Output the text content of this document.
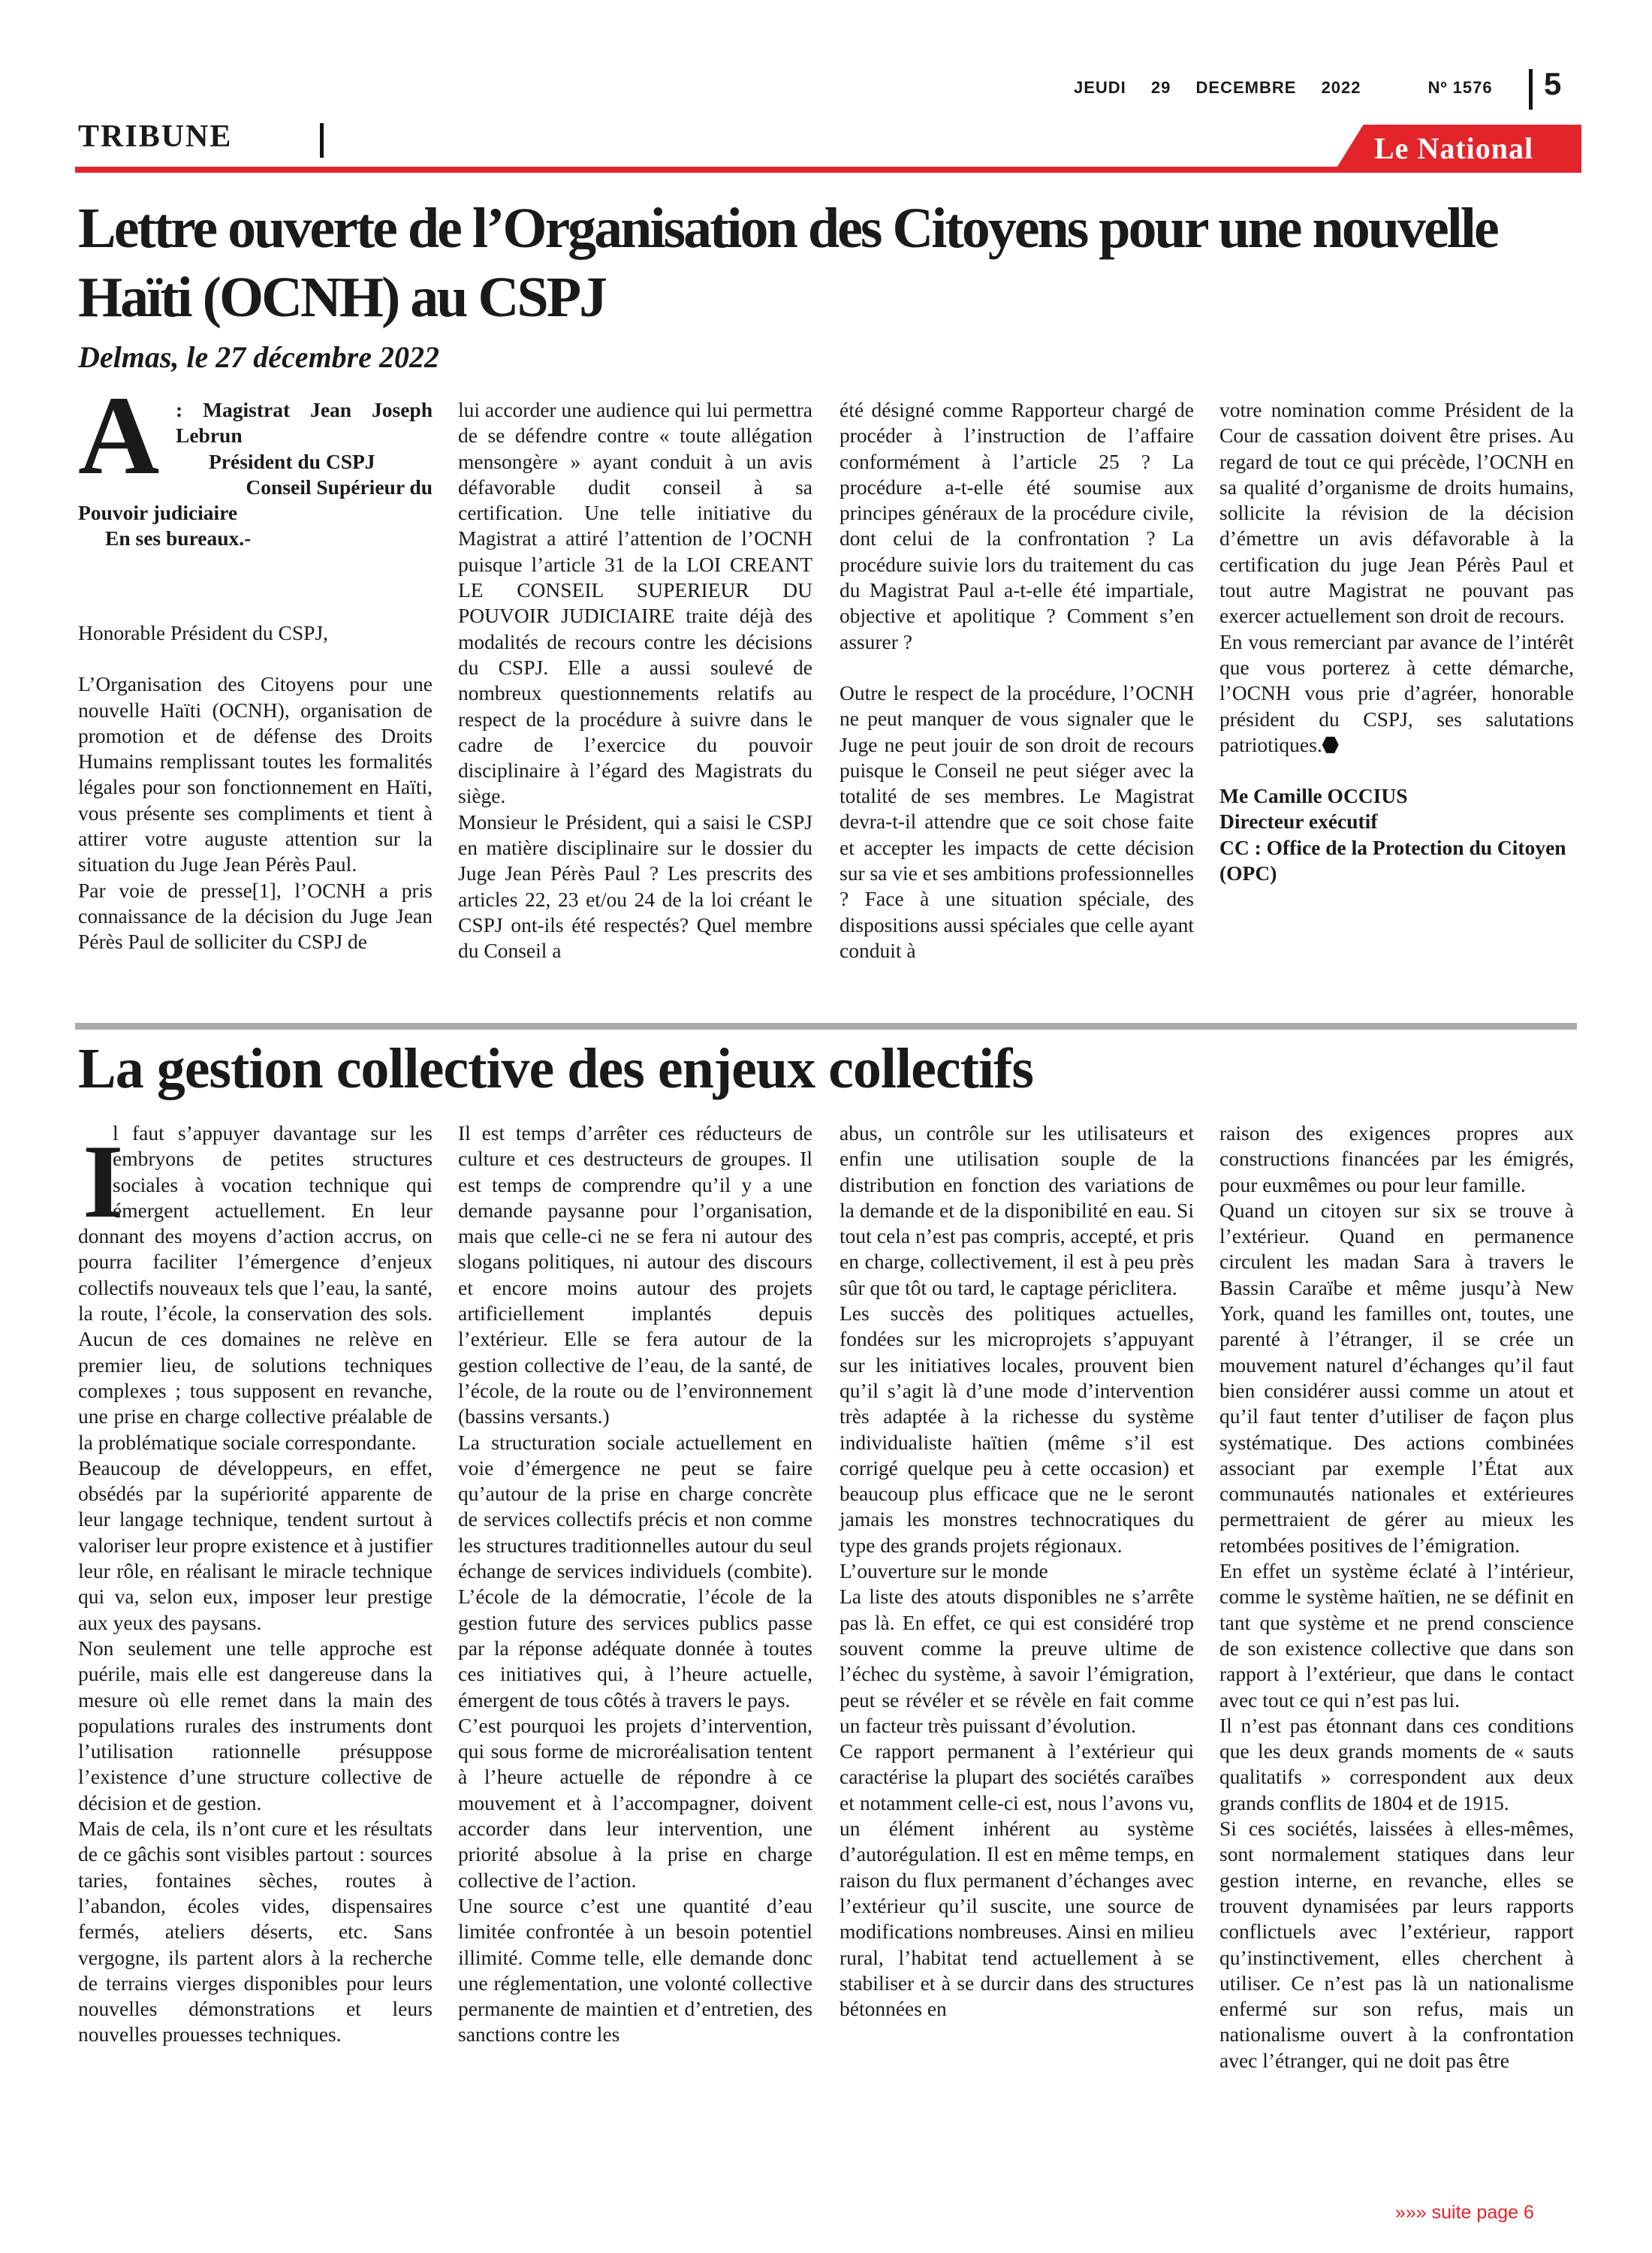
JEUDI 29 DECEMBRE 2022	Nº 1576	5
TRIBUNE	Le National
Lettre ouverte de l’Organisation des Citoyens pour une nouvelle Haïti (OCNH) au CSPJ
Delmas, le 27 décembre 2022
A : Magistrat Jean Joseph
Lebrun
Président du CSPJ
Conseil Supérieur du
Pouvoir judiciaire
En ses bureaux.-

Honorable Président du CSPJ,

L’Organisation des Citoyens pour une nouvelle Haïti (OCNH), organisation de promotion et de défense des Droits Humains remplissant toutes les formalités légales pour son fonctionnement en Haïti, vous présente ses compliments et tient à attirer votre auguste attention sur la situation du Juge Jean Pérès Paul.

Par voie de presse[1], l’OCNH a pris connaissance de la décision du Juge Jean Pérès Paul de solliciter du CSPJ de

lui accorder une audience qui lui permettra de se défendre contre « toute allégation mensongère » ayant conduit à un avis défavorable dudit conseil à sa certification. Une telle initiative du Magistrat a attiré l’attention de l’OCNH puisque l’article 31 de la LOI CREANT LE CONSEIL SUPERIEUR DU POUVOIR JUDICIAIRE traite déjà des modalités de recours contre les décisions du CSPJ. Elle a aussi soulevé de nombreux questionnements relatifs au respect de la procédure à suivre dans le cadre de l’exercice du pouvoir disciplinaire à l’égard des Magistrats du siège.

Monsieur le Président, qui a saisi le CSPJ en matière disciplinaire sur le dossier du Juge Jean Pérès Paul ? Les prescrits des articles 22, 23 et/ou 24 de la loi créant le CSPJ ont-ils été respectés? Quel membre du Conseil a

été désigné comme Rapporteur chargé de procéder à l’instruction de l’affaire conformément à l’article 25 ? La procédure a-t-elle été soumise aux principes généraux de la procédure civile, dont celui de la confrontation ? La procédure suivie lors du traitement du cas du Magistrat Paul a-t-elle été impartiale, objective et apolitique ? Comment s’en assurer ?

Outre le respect de la procédure, l’OCNH ne peut manquer de vous signaler que le Juge ne peut jouir de son droit de recours puisque le Conseil ne peut siéger avec la totalité de ses membres. Le Magistrat devra-t-il attendre que ce soit chose faite et accepter les impacts de cette décision sur sa vie et ses ambitions professionnelles ? Face à une situation spéciale, des dispositions aussi spéciales que celle ayant conduit à

votre nomination comme Président de la Cour de cassation doivent être prises. Au regard de tout ce qui précède, l’OCNH en sa qualité d’organisme de droits humains, sollicite la révision de la décision d’émettre un avis défavorable à la certification du juge Jean Pérès Paul et tout autre Magistrat ne pouvant pas exercer actuellement son droit de recours.

En vous remerciant par avance de l’intérêt que vous porterez à cette démarche, l’OCNH vous prie d’agréer, honorable président du CSPJ, ses salutations patriotiques.

Me Camille OCCIUS

Directeur exécutif

CC : Office de la Protection du Citoyen (OPC)

La gestion collective des enjeux collectifs
I

l faut s’appuyer davantage sur les embryons de petites structures sociales à vocation technique qui émergent actuellement. En leur donnant des moyens d’action accrus, on pourra faciliter l’émergence d’enjeux collectifs nouveaux tels que l’eau, la santé, la route, l’école, la conservation des sols. Aucun de ces domaines ne relève en premier lieu, de solutions techniques complexes ; tous supposent en revanche, une prise en charge collective préalable de la problématique sociale correspondante.

Beaucoup de développeurs, en effet, obsédés par la supériorité apparente de leur langage technique, tendent surtout à valoriser leur propre existence et à justifier leur rôle, en réalisant le miracle technique qui va, selon eux, imposer leur prestige aux yeux des paysans.

Non seulement une telle approche est puérile, mais elle est dangereuse dans la mesure où elle remet dans la main des populations rurales des instruments dont l’utilisation rationnelle présuppose l’existence d’une structure collective de décision et de gestion.

Mais de cela, ils n’ont cure et les résultats de ce gâchis sont visibles partout : sources taries, fontaines sèches, routes à l’abandon, écoles vides, dispensaires fermés, ateliers déserts, etc. Sans vergogne, ils partent alors à la recherche de terrains vierges disponibles pour leurs nouvelles démonstrations et leurs nouvelles prouesses techniques.

Il est temps d’arrêter ces réducteurs de culture et ces destructeurs de groupes. Il est temps de comprendre qu’il y a une demande paysanne pour l’organisation, mais que celle-ci ne se fera ni autour des slogans politiques, ni autour des discours et encore moins autour des projets artificiellement implantés depuis l’extérieur. Elle se fera autour de la gestion collective de l’eau, de la santé, de l’école, de la route ou de l’environnement (bassins versants.)

La structuration sociale actuellement en voie d’émergence ne peut se faire qu’autour de la prise en charge concrète de services collectifs précis et non comme les structures traditionnelles autour du seul échange de services individuels (combite). L’école de la démocratie, l’école de la gestion future des services publics passe par la réponse adéquate donnée à toutes ces initiatives qui, à l’heure actuelle, émergent de tous côtés à travers le pays.

C’est pourquoi les projets d’intervention, qui sous forme de microréalisation tentent à l’heure actuelle de répondre à ce mouvement et à l’accompagner, doivent accorder dans leur intervention, une priorité absolue à la prise en charge collective de l’action.

Une source c’est une quantité d’eau limitée confrontée à un besoin potentiel illimité. Comme telle, elle demande donc une réglementation, une volonté collective permanente de maintien et d’entretien, des sanctions contre les

abus, un contrôle sur les utilisateurs et enfin une utilisation souple de la distribution en fonction des variations de la demande et de la disponibilité en eau. Si tout cela n’est pas compris, accepté, et pris en charge, collectivement, il est à peu près sûr que tôt ou tard, le captage périclitera.

Les succès des politiques actuelles, fondées sur les microprojets s’appuyant sur les initiatives locales, prouvent bien qu’il s’agit là d’une mode d’intervention très adaptée à la richesse du système individualiste haïtien (même s’il est corrigé quelque peu à cette occasion) et beaucoup plus efficace que ne le seront jamais les monstres technocratiques du type des grands projets régionaux.

L’ouverture sur le monde

La liste des atouts disponibles ne s’arrête pas là. En effet, ce qui est considéré trop souvent comme la preuve ultime de l’échec du système, à savoir l’émigration, peut se révéler et se révèle en fait comme un facteur très puissant d’évolution.

Ce rapport permanent à l’extérieur qui caractérise la plupart des sociétés caraïbes et notamment celle-ci est, nous l’avons vu, un élément inhérent au système d’autorégulation. Il est en même temps, en raison du flux permanent d’échanges avec l’extérieur qu’il suscite, une source de modifications nombreuses. Ainsi en milieu rural, l’habitat tend actuellement à se stabiliser et à se durcir dans des structures bétonnées en

raison des exigences propres aux constructions financées par les émigrés, pour euxmêmes ou pour leur famille.

Quand un citoyen sur six se trouve à l’extérieur. Quand en permanence circulent les madan Sara à travers le Bassin Caraïbe et même jusqu’à New York, quand les familles ont, toutes, une parenté à l’étranger, il se crée un mouvement naturel d’échanges qu’il faut bien considérer aussi comme un atout et qu’il faut tenter d’utiliser de façon plus systématique. Des actions combinées associant par exemple l’État aux communautés nationales et extérieures permettraient de gérer au mieux les retombées positives de l’émigration.

En effet un système éclaté à l’intérieur, comme le système haïtien, ne se définit en tant que système et ne prend conscience de son existence collective que dans son rapport à l’extérieur, que dans le contact avec tout ce qui n’est pas lui.

Il n’est pas étonnant dans ces conditions que les deux grands moments de « sauts qualitatifs » correspondent aux deux grands conflits de 1804 et de 1915.

Si ces sociétés, laissées à elles-mêmes, sont normalement statiques dans leur gestion interne, en revanche, elles se trouvent dynamisées par leurs rapports conflictuels avec l’extérieur, rapport qu’instinctivement, elles cherchent à utiliser. Ce n’est pas là un nationalisme enfermé sur son refus, mais un nationalisme ouvert à la confrontation avec l’étranger, qui ne doit pas être

»»» suite page 6
